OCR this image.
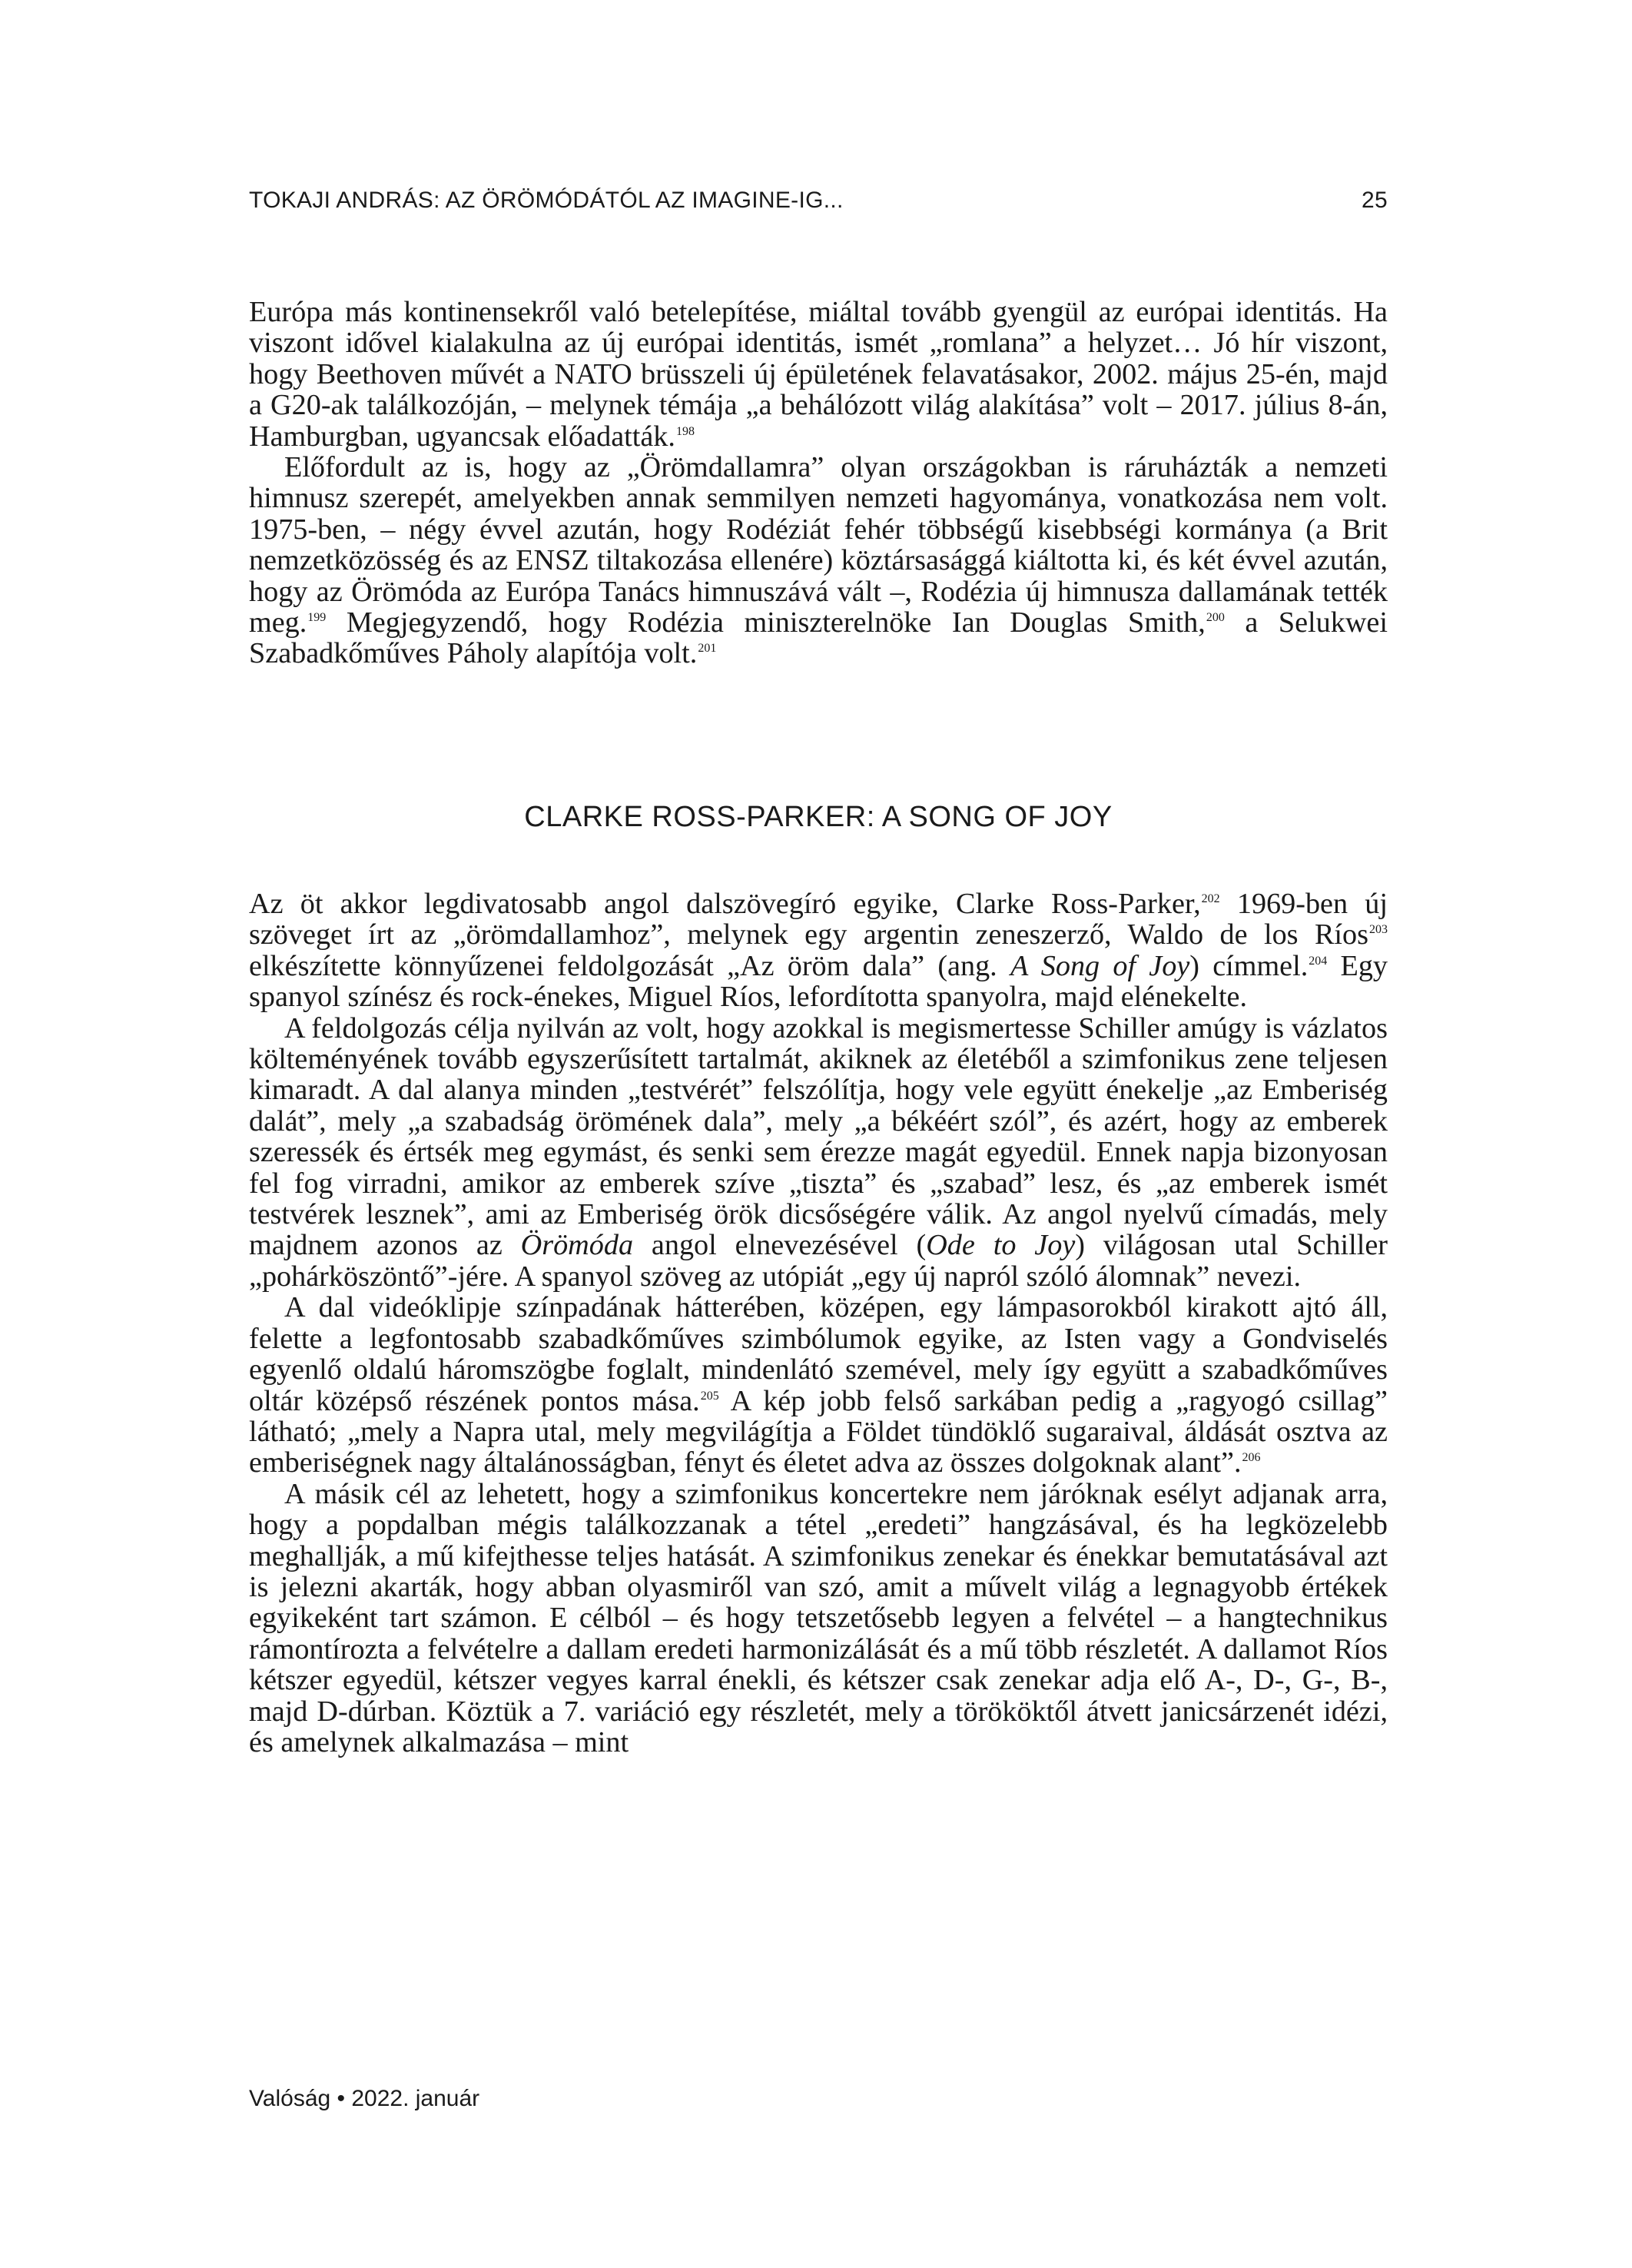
TOKAJI ANDRÁS: AZ ÖRÖMÓDÁTÓL AZ IMAGINE-IG...	25

Európa más kontinensekről való betelepítése, miáltal tovább gyengül az európai identitás. Ha viszont idővel kialakulna az új európai identitás, ismét „romlana” a helyzet… Jó hír viszont, hogy Beethoven művét a NATO brüsszeli új épületének felavatásakor, 2002. május 25-én, majd a G20-ak találkozóján, – melynek témája „a behálózott világ alakítása” volt – 2017. július 8-án, Hamburgban, ugyancsak előadatták.$^{198}$

Előfordult az is, hogy az „Örömdallamra” olyan országokban is ráruházták a nemzeti himnusz szerepét, amelyekben annak semmilyen nemzeti hagyománya, vonatkozása nem volt. 1975-ben, – négy évvel azután, hogy Rodéziát fehér többségű kisebbségi kormánya (a Brit nemzetközösség és az ENSZ tiltakozása ellenére) köztársasággá kiáltotta ki, és két évvel azután, hogy az Örömóda az Európa Tanács himnuszává vált –, Rodézia új himnusza dallamának tették meg.$^{199}$ Megjegyzendő, hogy Rodézia miniszterelnöke Ian Douglas Smith,$^{200}$ a Selukwei Szabadkőműves Páholy alapítója volt.$^{201}$

CLARKE ROSS-PARKER: A SONG OF JOY

Az öt akkor legdivatosabb angol dalszövegíró egyike, Clarke Ross-Parker,$^{202}$ 1969-ben új szöveget írt az „örömdallamhoz”, melynek egy argentin zeneszerző, Waldo de los Ríos$^{203}$ elkészítette könnyűzenei feldolgozását „Az öröm dala” (ang. A Song of Joy) címmel.$^{204}$ Egy spanyol színész és rock-énekes, Miguel Ríos, lefordította spanyolra, majd elénekelte.

A feldolgozás célja nyilván az volt, hogy azokkal is megismertesse Schiller amúgy is vázlatos költeményének tovább egyszerűsített tartalmát, akiknek az életéből a szimfonikus zene teljesen kimaradt. A dal alanya minden „testvérét” felszólítja, hogy vele együtt énekelje „az Emberiség dalát”, mely „a szabadság örömének dala”, mely „a békéért szól”, és azért, hogy az emberek szeressék és értsék meg egymást, és senki sem érezze magát egyedül. Ennek napja bizonyosan fel fog virradni, amikor az emberek szíve „tiszta” és „szabad” lesz, és „az emberek ismét testvérek lesznek”, ami az Emberiség örök dicsőségére válik. Az angol nyelvű címadás, mely majdnem azonos az Örömóda angol elnevezésével (Ode to Joy) világosan utal Schiller „pohárköszöntő”-jére. A spanyol szöveg az utópiát „egy új napról szóló álomnak” nevezi.

A dal videóklipje színpadának hátterében, középen, egy lámpasorokból kirakott ajtó áll, felette a legfontosabb szabadkőműves szimbólumok egyike, az Isten vagy a Gondviselés egyenlő oldalú háromszögbe foglalt, mindenlátó szemével, mely így együtt a szabadkőműves oltár középső részének pontos mása.$^{205}$ A kép jobb felső sarkában pedig a „ragyogó csillag” látható; „mely a Napra utal, mely megvilágítja a Földet tündöklő sugaraival, áldását osztva az emberiségnek nagy általánosságban, fényt és életet adva az összes dolgoknak alant”.$^{206}$

A másik cél az lehetett, hogy a szimfonikus koncertekre nem járóknak esélyt adjanak arra, hogy a popdalban mégis találkozzanak a tétel „eredeti” hangzásával, és ha legközelebb meghallják, a mű kifejthesse teljes hatását. A szimfonikus zenekar és énekkar bemutatásával azt is jelezni akarták, hogy abban olyasmiről van szó, amit a művelt világ a legnagyobb értékek egyikeként tart számon. E célból – és hogy tetszetősebb legyen a felvétel – a hangtechnikus rámontírozta a felvételre a dallam eredeti harmonizálását és a mű több részletét. A dallamot Ríos kétszer egyedül, kétszer vegyes karral énekli, és kétszer csak zenekar adja elő A-, D-, G-, B-, majd D-dúrban. Köztük a 7. variáció egy részletét, mely a törököktől átvett janicsárzenét idézi, és amelynek alkalmazása – mint

Valóság • 2022. január
